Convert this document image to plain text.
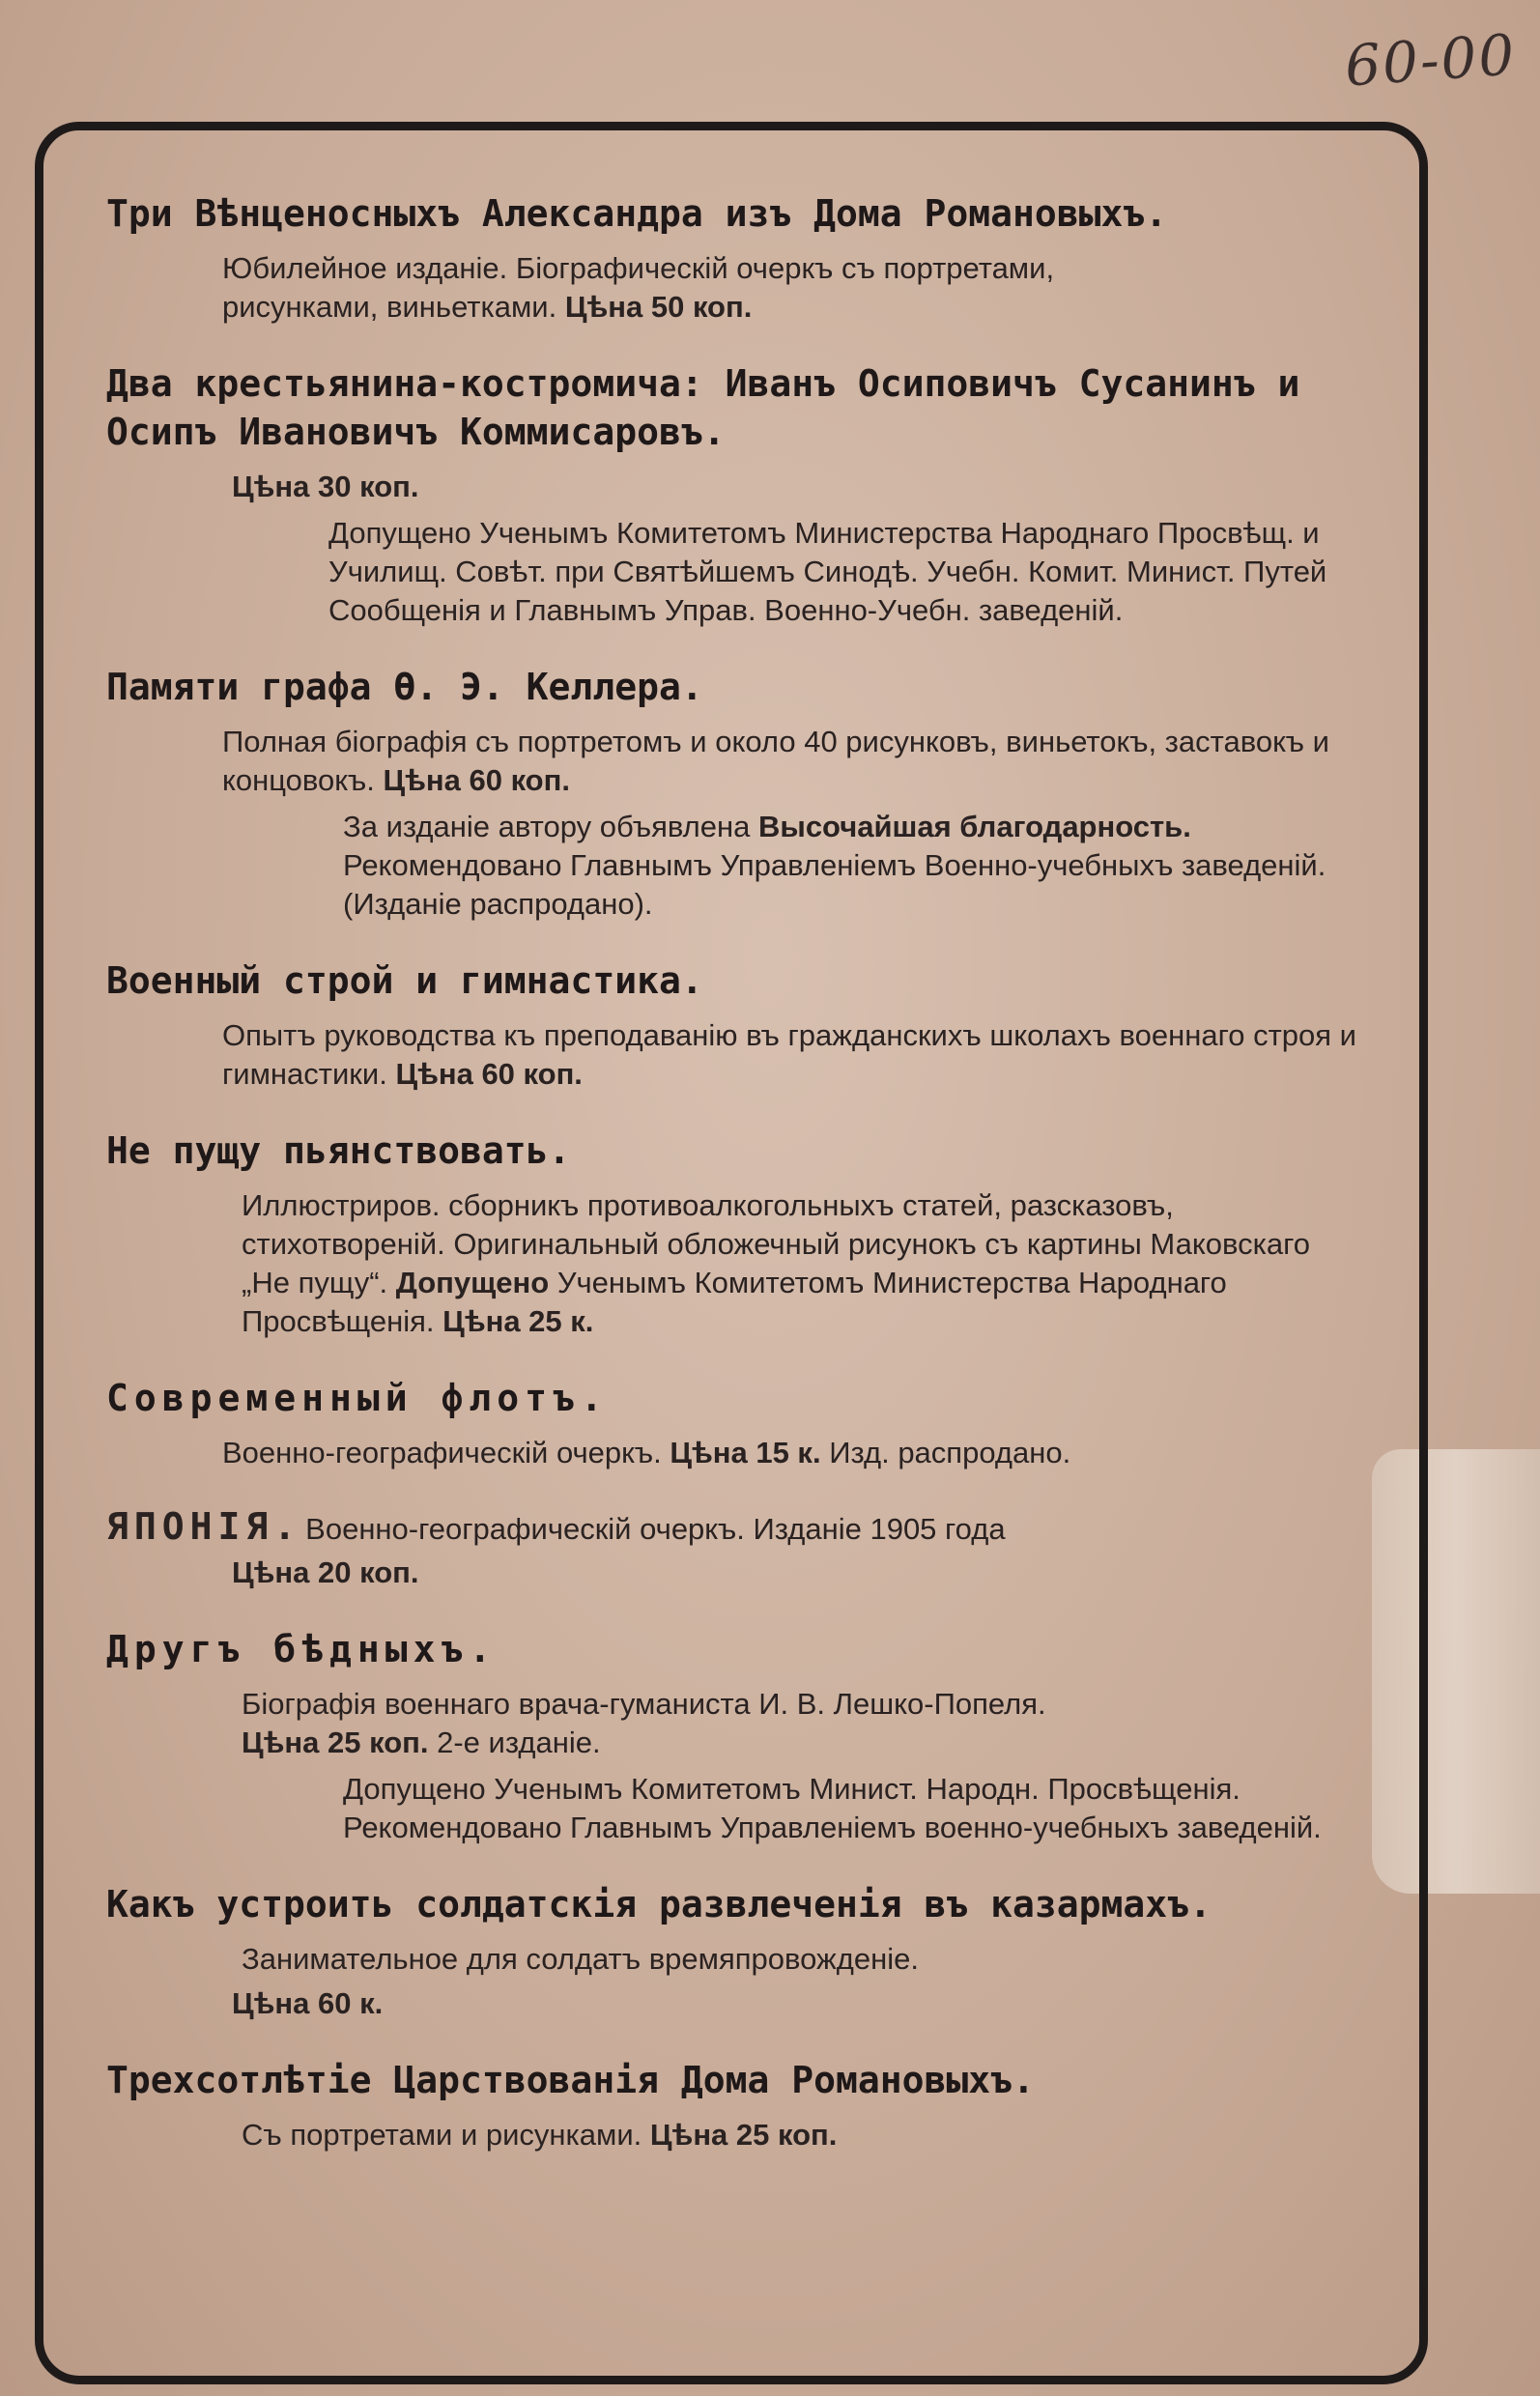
60-00
Три Вѣнценосныхъ Александра изъ Дома Романовыхъ.
Юбилейное изданіе. Біографическій очеркъ съ портретами,
рисунками, виньетками. Цѣна 50 коп.
Два крестьянина-костромича: Иванъ Осиповичъ Сусанинъ и Осипъ Ивановичъ Коммисаровъ.
Цѣна 30 коп.
Допущено Ученымъ Комитетомъ Министерства Народнаго Просвѣщ. и Училищ. Совѣт. при Святѣйшемъ Синодѣ. Учебн. Комит. Минист. Путей Сообщенія и Главнымъ Управ. Военно-Учебн. заведеній.
Памяти графа Ѳ. Э. Келлера.
Полная біографія съ портретомъ и около 40 рисунковъ, виньетокъ, заставокъ и концовокъ. Цѣна 60 коп.
За изданіе автору объявлена Высочайшая благодарность. Рекомендовано Главнымъ Управленіемъ Военно-учебныхъ заведеній. (Изданіе распродано).
Военный строй и гимнастика.
Опытъ руководства къ преподаванію въ гражданскихъ школахъ военнаго строя и гимнастики. Цѣна 60 коп.
Не пущу пьянствовать.
Иллюстриров. сборникъ противоалкогольныхъ статей, разсказовъ, стихотвореній. Оригинальный обложечный рисунокъ съ картины Маковскаго „Не пущу“. Допущено Ученымъ Комитетомъ Министерства Народнаго Просвѣщенія. Цѣна 25 к.
Современный флотъ.
Военно-географическій очеркъ. Цѣна 15 к. Изд. распродано.
ЯПОНІЯ. Военно-географическій очеркъ. Изданіе 1905 года
Цѣна 20 коп.
Другъ бѣдныхъ.
Біографія военнаго врача-гуманиста И. В. Лешко-Попеля.
Цѣна 25 коп. 2-е изданіе.
Допущено Ученымъ Комитетомъ Минист. Народн. Просвѣщенія. Рекомендовано Главнымъ Управленіемъ военно-учебныхъ заведеній.
Какъ устроить солдатскія развлеченія въ казармахъ.
Занимательное для солдатъ времяпровожденіе.
Цѣна 60 к.
Трехсотлѣтіе Царствованія Дома Романовыхъ.
Съ портретами и рисунками. Цѣна 25 коп.
